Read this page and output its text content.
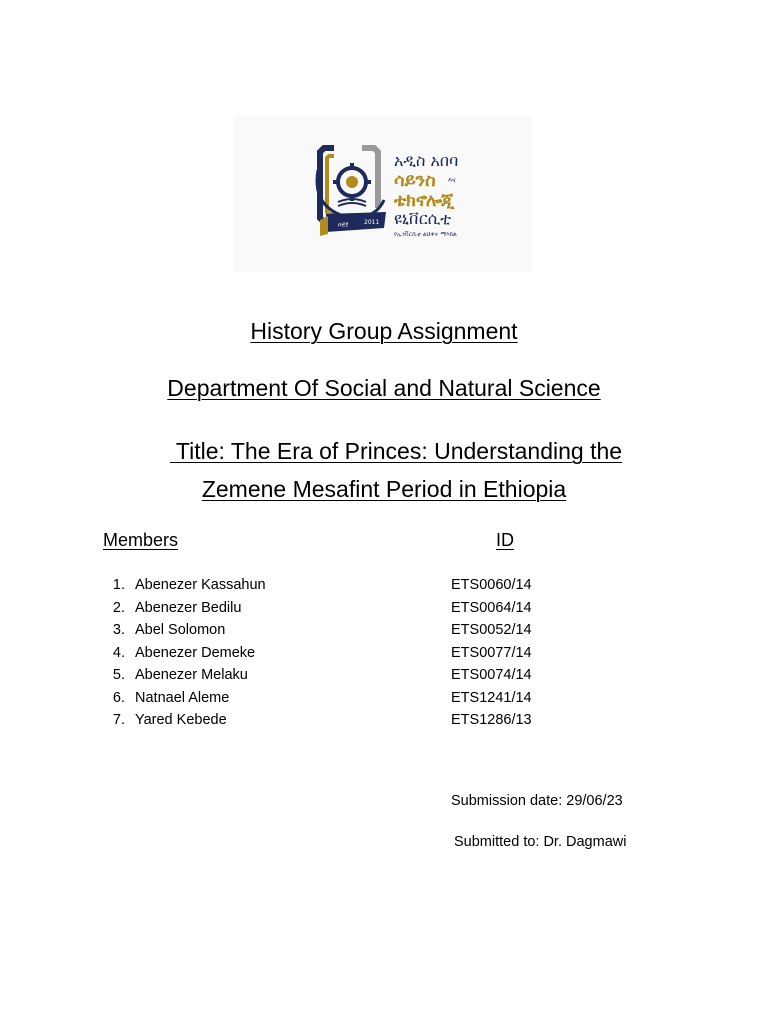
ዐ፳፻	2011
አዲስ አበባ
ሳይንስ እና
ቴክኖሎጂ
ዩኒቨርሲቲ
የኢንቨርሲቲ ልህቀት ማእከል
History Group Assignment
Department Of Social and Natural Science
Title: The Era of Princes: Understanding the
Zemene Mesafint Period in Ethiopia
Members	ID
1. Abenezer Kassahun	ETS0060/14
2. Abenezer Bedilu	ETS0064/14
3. Abel Solomon	ETS0052/14
4. Abenezer Demeke	ETS0077/14
5. Abenezer Melaku	ETS0074/14
6. Natnael Aleme	ETS1241/14
7. Yared Kebede	ETS1286/13
Submission date: 29/06/23
Submitted to: Dr. Dagmawi
